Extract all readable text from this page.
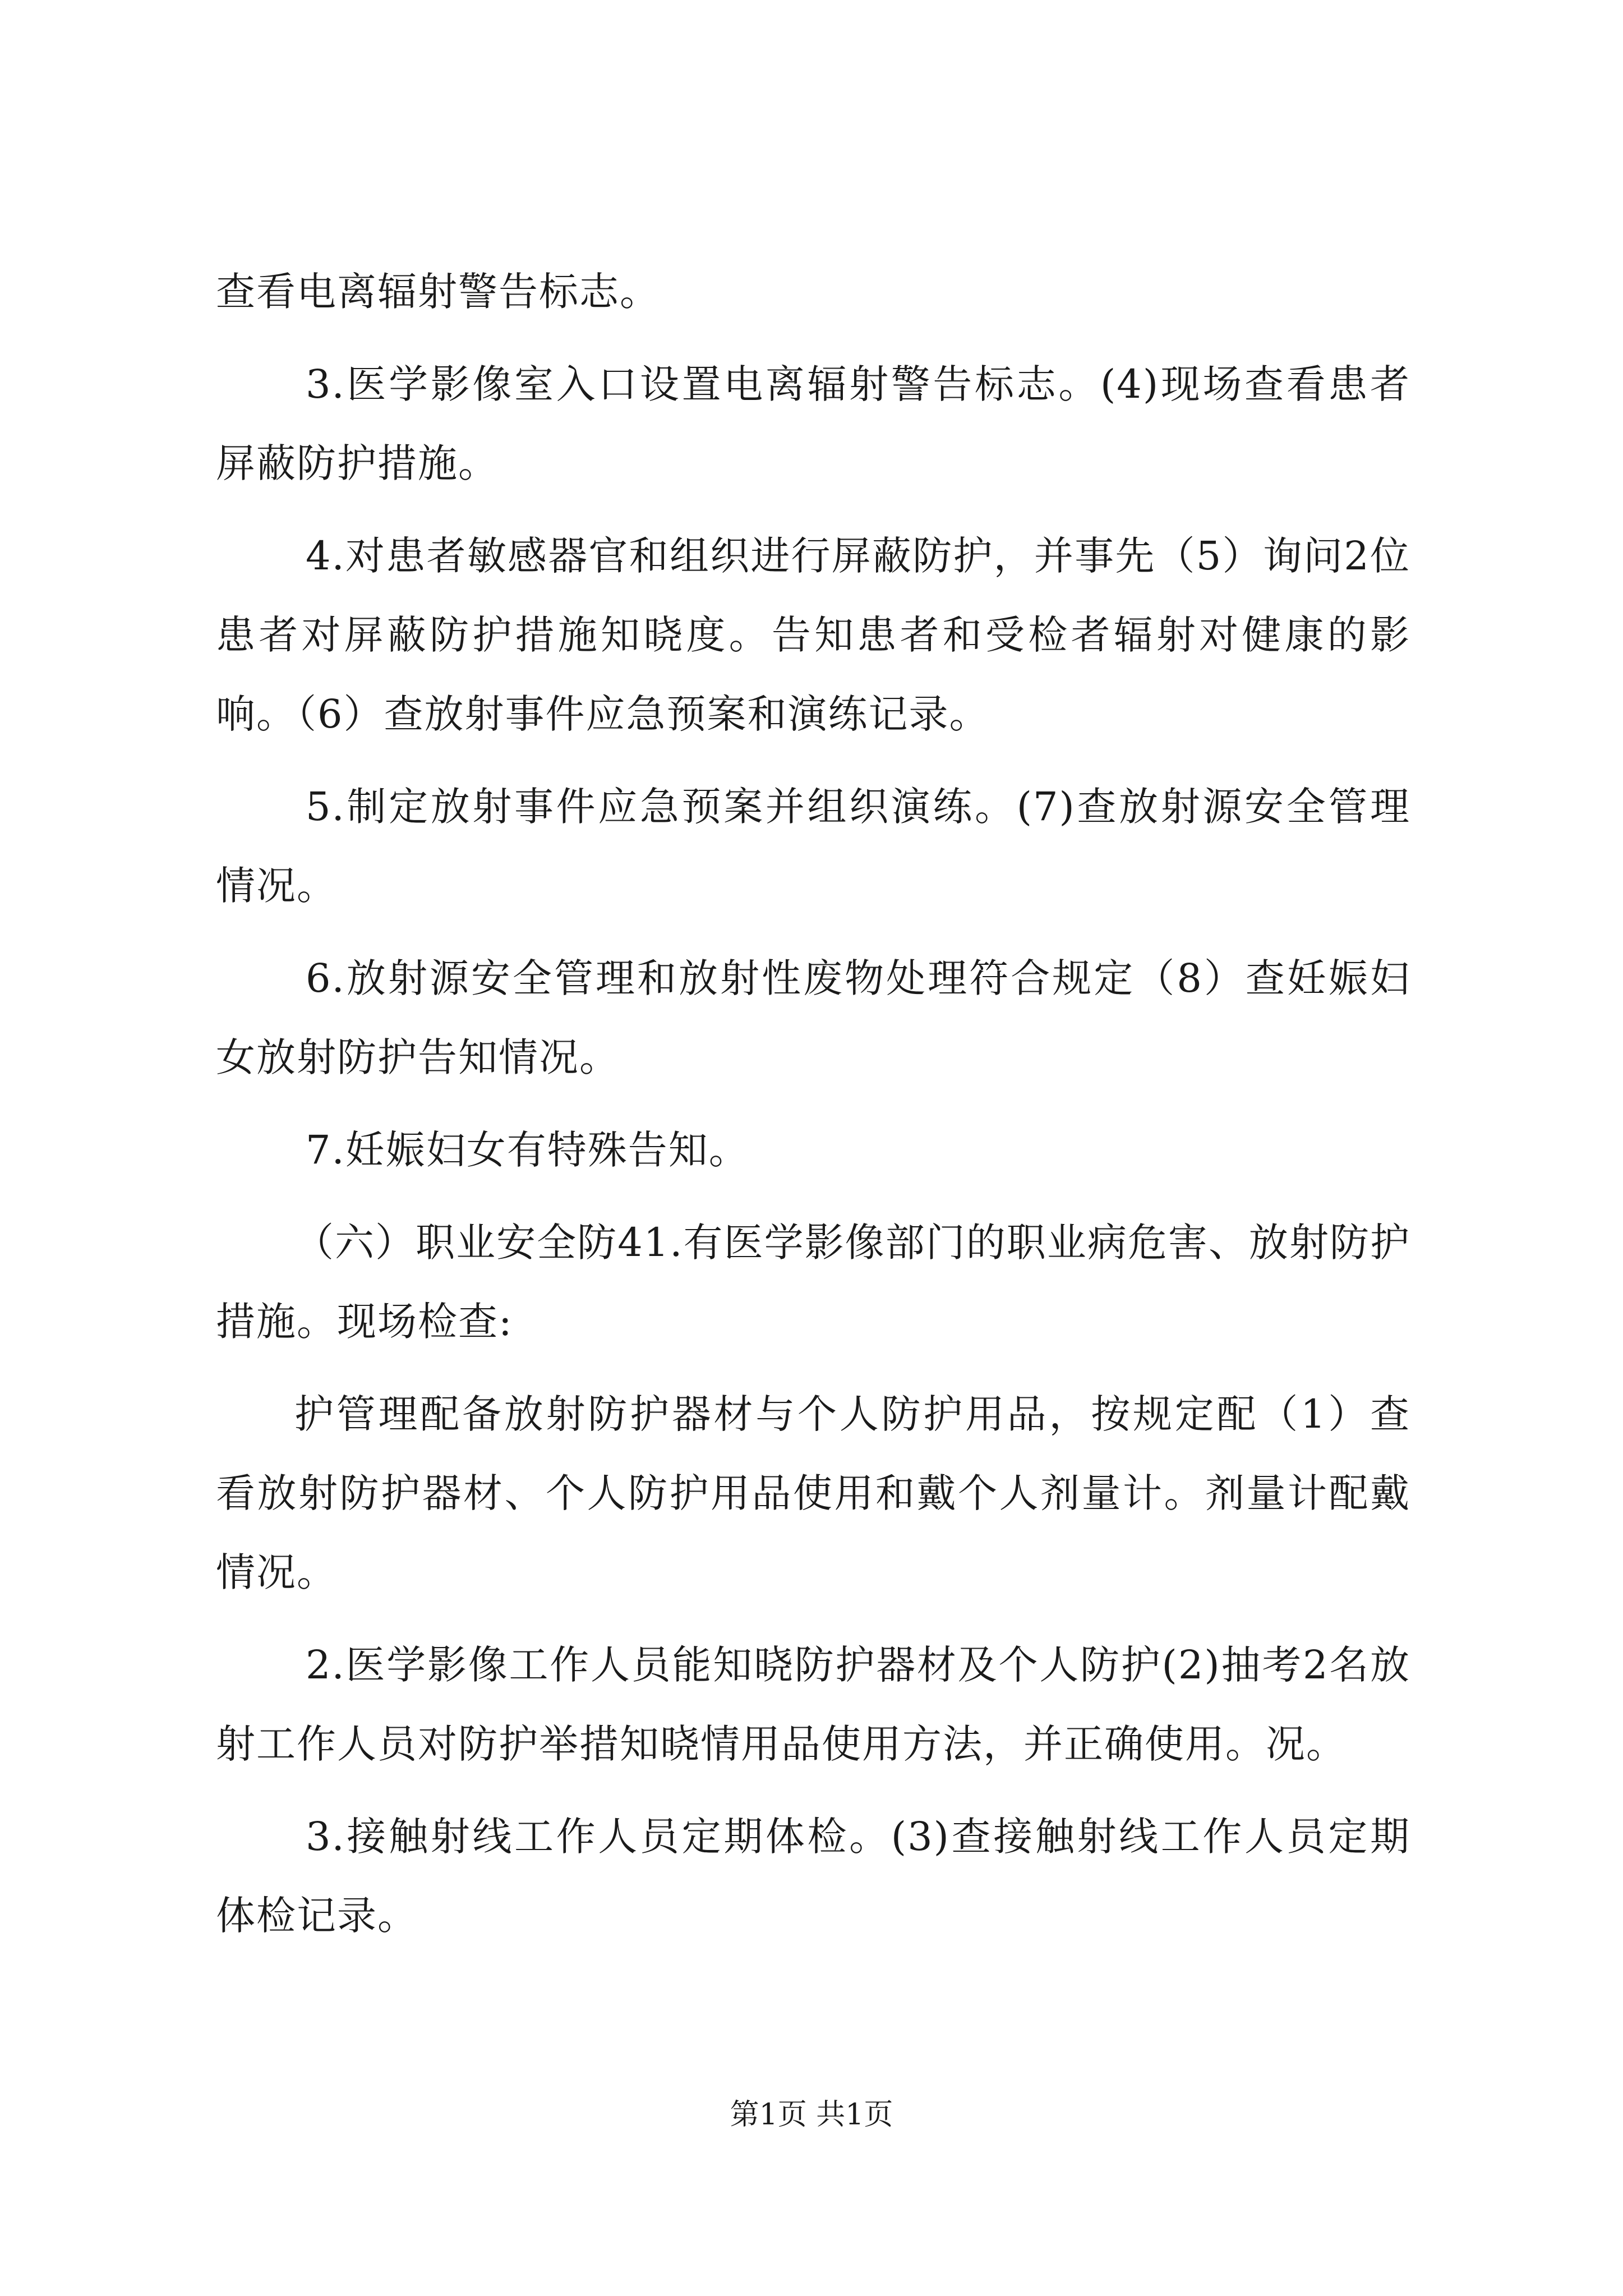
查看电离辐射警告标志。

3.医学影像室入口设置电离辐射警告标志。(4)现场查看患者屏蔽防护措施。

4.对患者敏感器官和组织进行屏蔽防护，并事先（5）询问2位患者对屏蔽防护措施知晓度。告知患者和受检者辐射对健康的影响。（6）查放射事件应急预案和演练记录。

5.制定放射事件应急预案并组织演练。(7)查放射源安全管理情况。

6.放射源安全管理和放射性废物处理符合规定（8）查妊娠妇女放射防护告知情况。

7.妊娠妇女有特殊告知。

（六）职业安全防41.有医学影像部门的职业病危害、放射防护措施。现场检查:

护管理配备放射防护器材与个人防护用品，按规定配（1）查看放射防护器材、个人防护用品使用和戴个人剂量计。剂量计配戴情况。

2.医学影像工作人员能知晓防护器材及个人防护(2)抽考2名放射工作人员对防护举措知晓情用品使用方法，并正确使用。况。

3.接触射线工作人员定期体检。(3)查接触射线工作人员定期体检记录。

第1页 共1页
